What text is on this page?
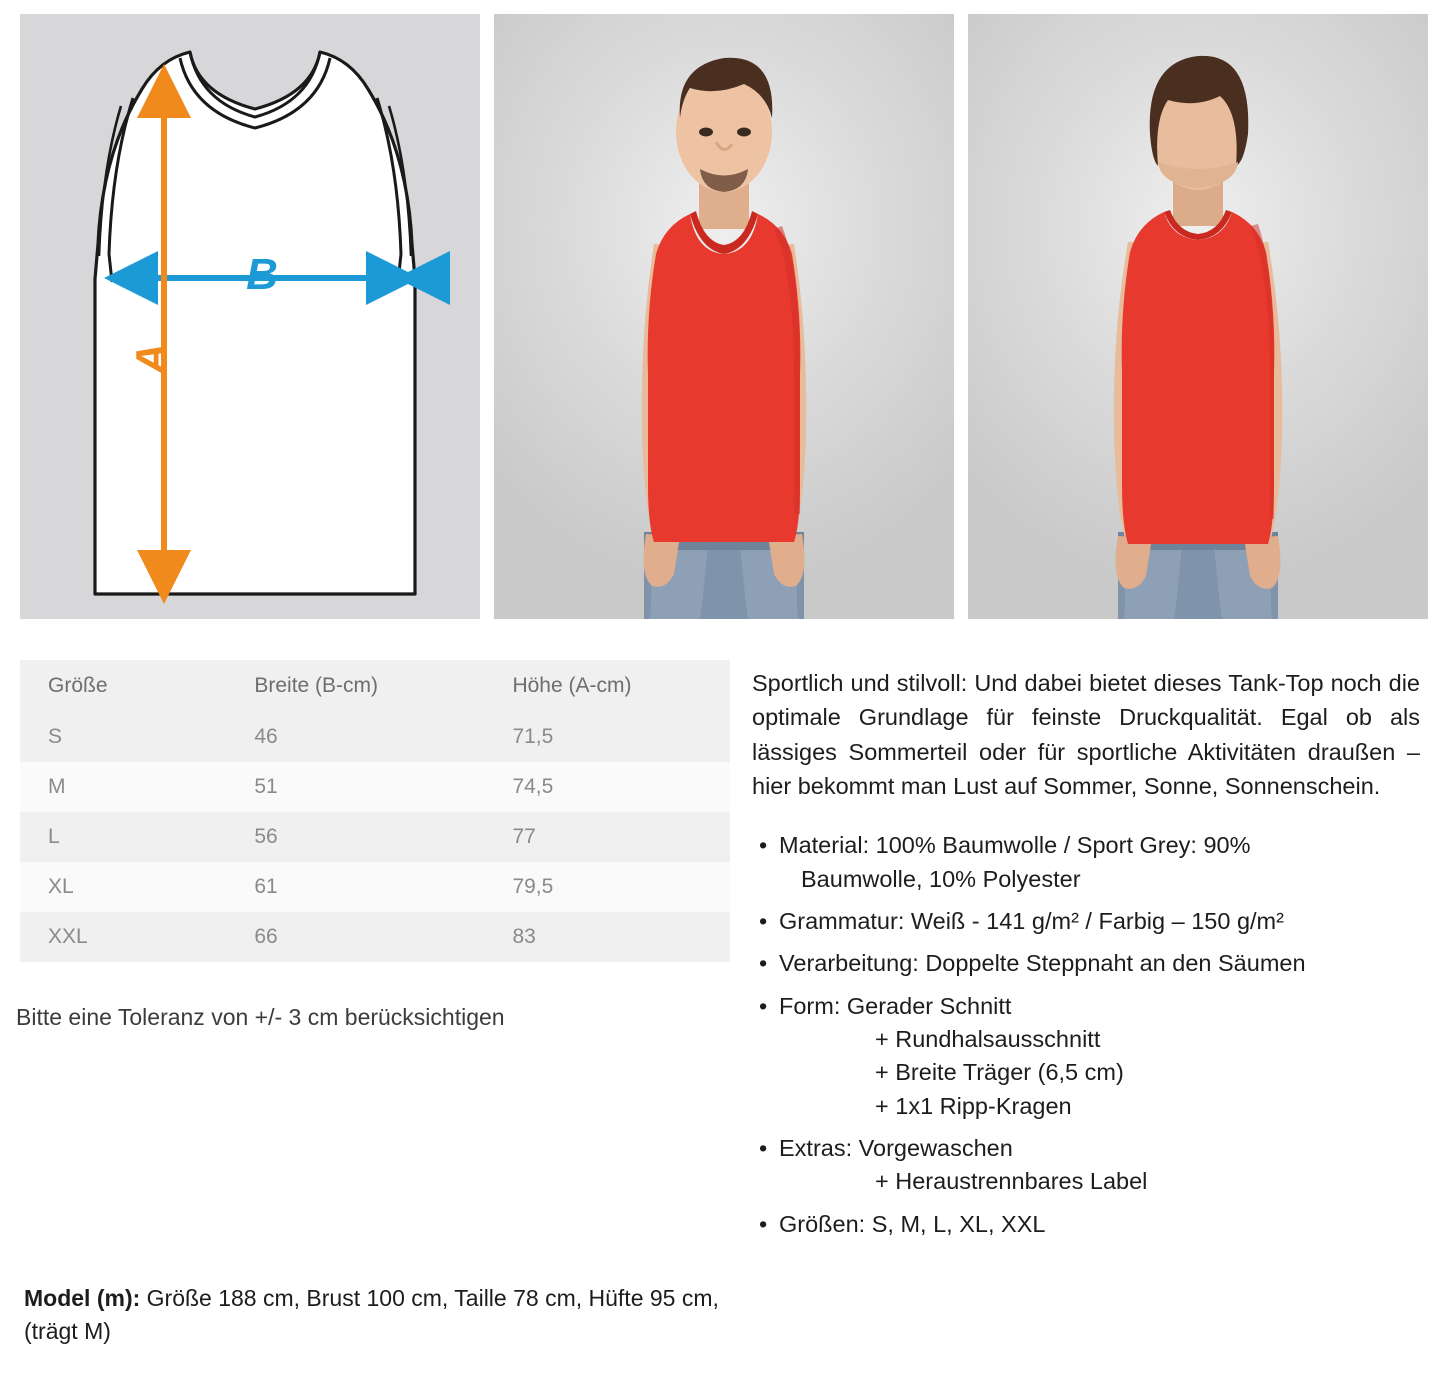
B
A
Größe	Breite (B-cm)	Höhe (A-cm)
S	46	71,5
M	51	74,5
L	56	77
XL	61	79,5
XXL	66	83
Bitte eine Toleranz von +/- 3 cm berücksichtigen
Model (m): Größe 188 cm, Brust 100 cm, Taille 78 cm, Hüfte 95 cm, (trägt M)

Sportlich und stilvoll: Und dabei bietet dieses Tank-Top noch die optimale Grundlage für feinste Druckqualität. Egal ob als lässiges Sommerteil oder für sportliche Aktivitäten draußen – hier bekommt man Lust auf Sommer, Sonne, Sonnenschein.

• Material: 100% Baumwolle / Sport Grey: 90%
Baumwolle, 10% Polyester
• Grammatur: Weiß - 141 g/m² / Farbig – 150 g/m²
• Verarbeitung: Doppelte Steppnaht an den Säumen
• Form: Gerader Schnitt
+ Rundhalsausschnitt
+ Breite Träger (6,5 cm)
+ 1x1 Ripp-Kragen
• Extras: Vorgewaschen
+ Heraustrennbares Label
• Größen: S, M, L, XL, XXL
